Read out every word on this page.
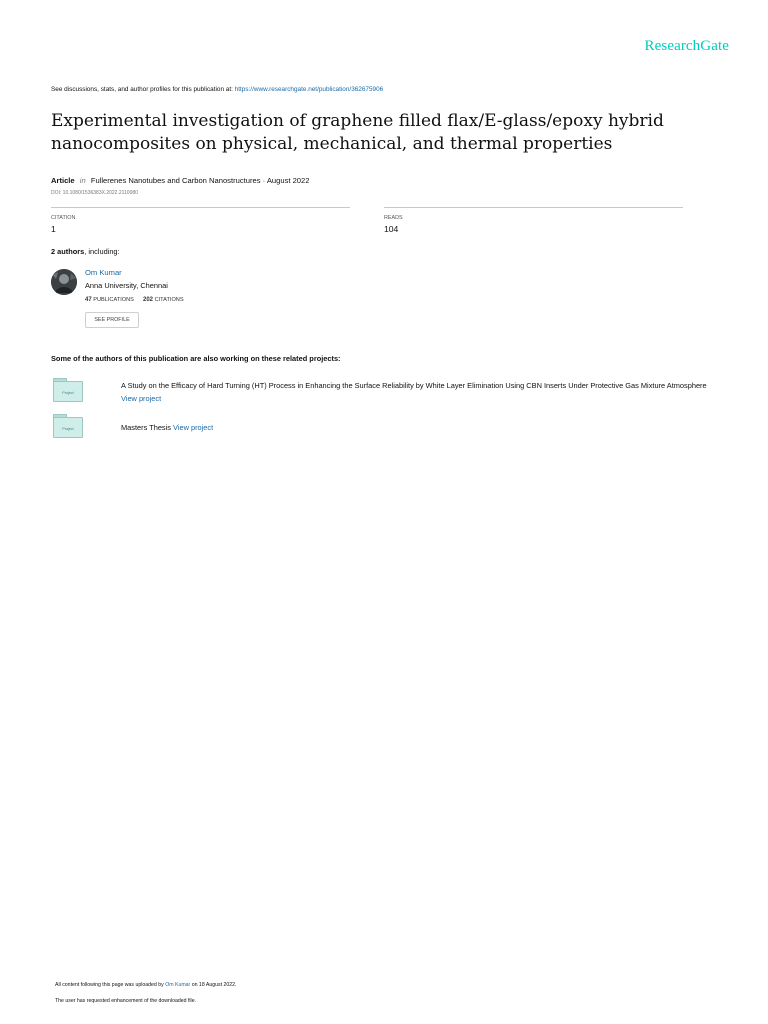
ResearchGate
See discussions, stats, and author profiles for this publication at: https://www.researchgate.net/publication/362675906
Experimental investigation of graphene filled flax/E-glass/epoxy hybrid nanocomposites on physical, mechanical, and thermal properties
Article in Fullerenes Nanotubes and Carbon Nanostructures · August 2022
DOI: 10.1080/1536383X.2022.2110080
CITATION
1
READS
104
2 authors, including:
Om Kumar
Anna University, Chennai
47 PUBLICATIONS 202 CITATIONS
SEE PROFILE
Some of the authors of this publication are also working on these related projects:
Project
A Study on the Efficacy of Hard Turning (HT) Process in Enhancing the Surface Reliability by White Layer Elimination Using CBN Inserts Under Protective Gas Mixture Atmosphere View project
Project	Masters Thesis View project
All content following this page was uploaded by Om Kumar on 18 August 2022.
The user has requested enhancement of the downloaded file.
